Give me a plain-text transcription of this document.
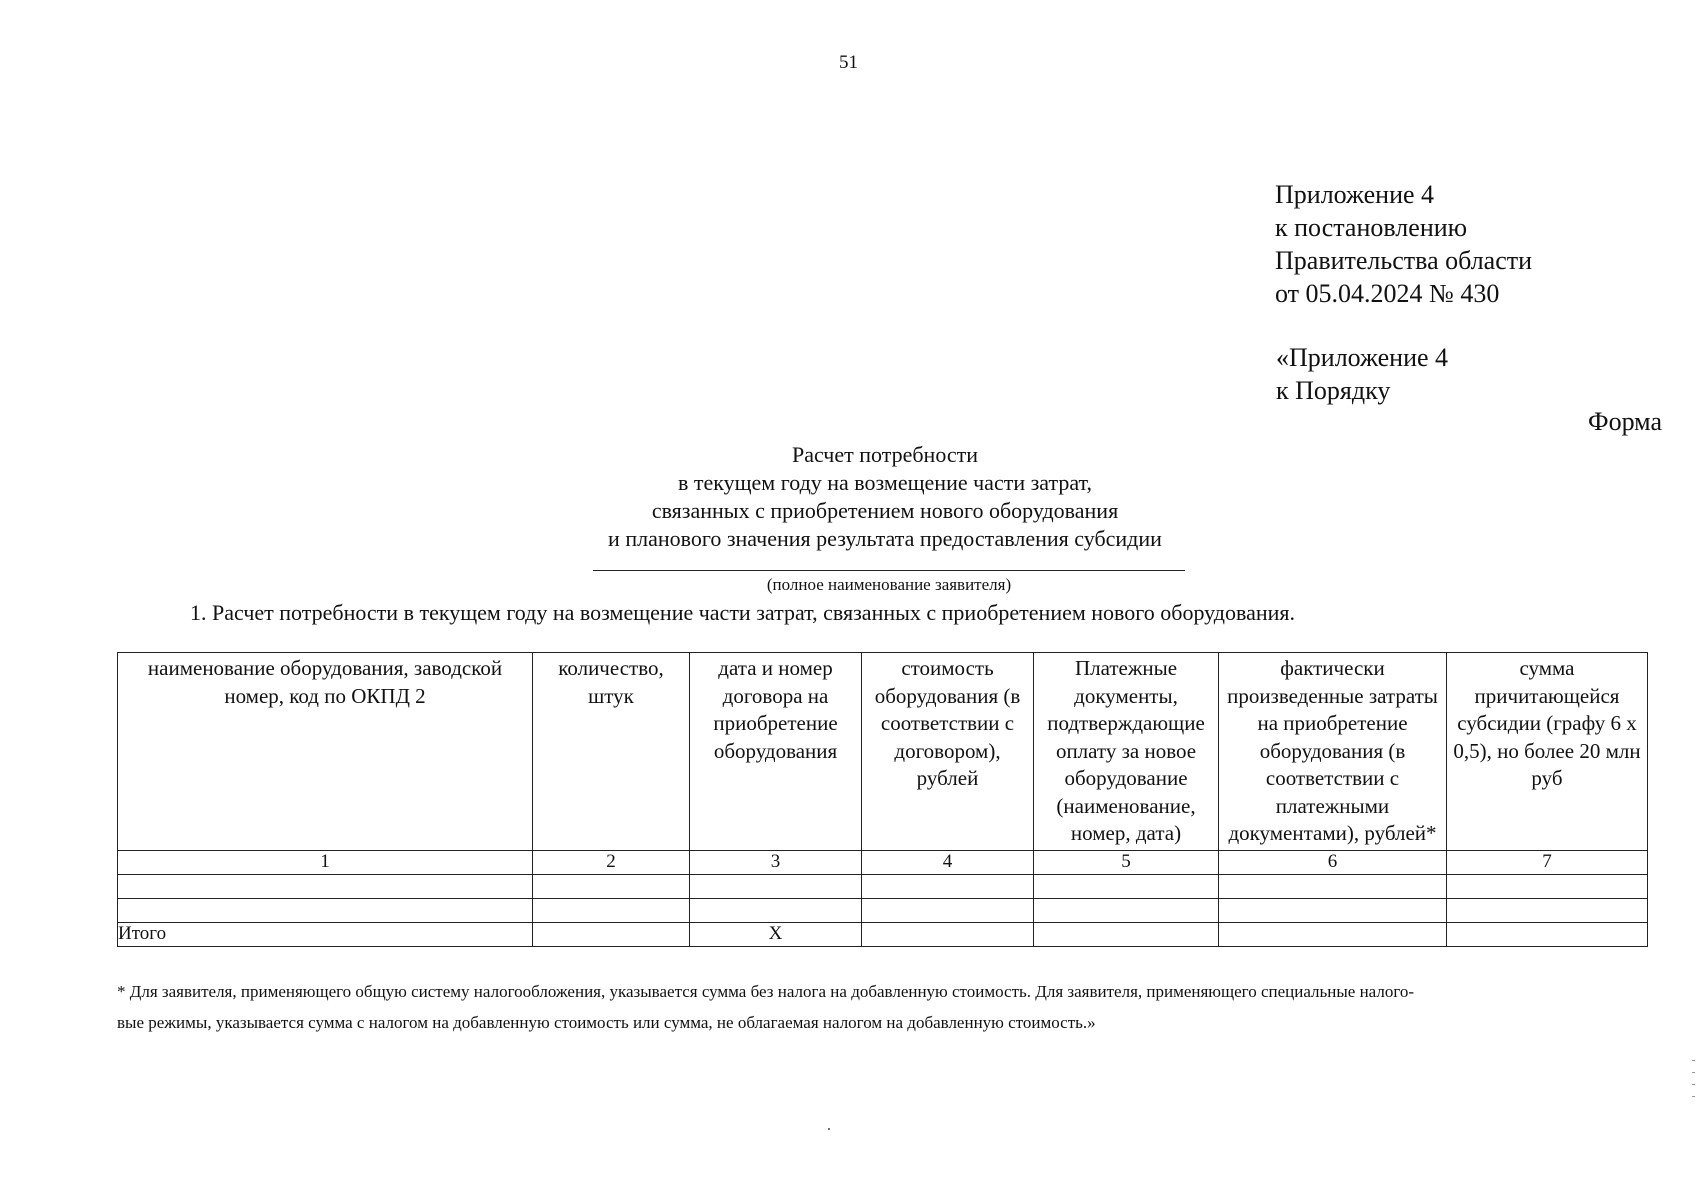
51
Приложение 4
к постановлению
Правительства области
от 05.04.2024 № 430
«Приложение 4
к Порядку
Форма
Расчет потребности
в текущем году на возмещение части затрат,
связанных с приобретением нового оборудования
и планового значения результата предоставления субсидии
(полное наименование заявителя)
1. Расчет потребности в текущем году на возмещение части затрат, связанных с приобретением нового оборудования.
наименование оборудования, заводской номер, код по ОКПД 2	количество, штук	дата и номер договора на приобретение оборудования	стоимость оборудования (в соответствии с договором), рублей	Платежные документы, подтверждающие оплату за новое оборудование (наименование, номер, дата)	фактически произведенные затраты на приобретение оборудования (в соответствии с платежными документами), рублей*	сумма причитающейся субсидии (графу 6 х 0,5), но более 20 млн руб
1	2	3	4	5	6	7

Итого		Х				
* Для заявителя, применяющего общую систему налогообложения, указывается сумма без налога на добавленную стоимость. Для заявителя, применяющего специальные налого-
вые режимы, указывается сумма с налогом на добавленную стоимость или сумма, не облагаемая налогом на добавленную стоимость.»
